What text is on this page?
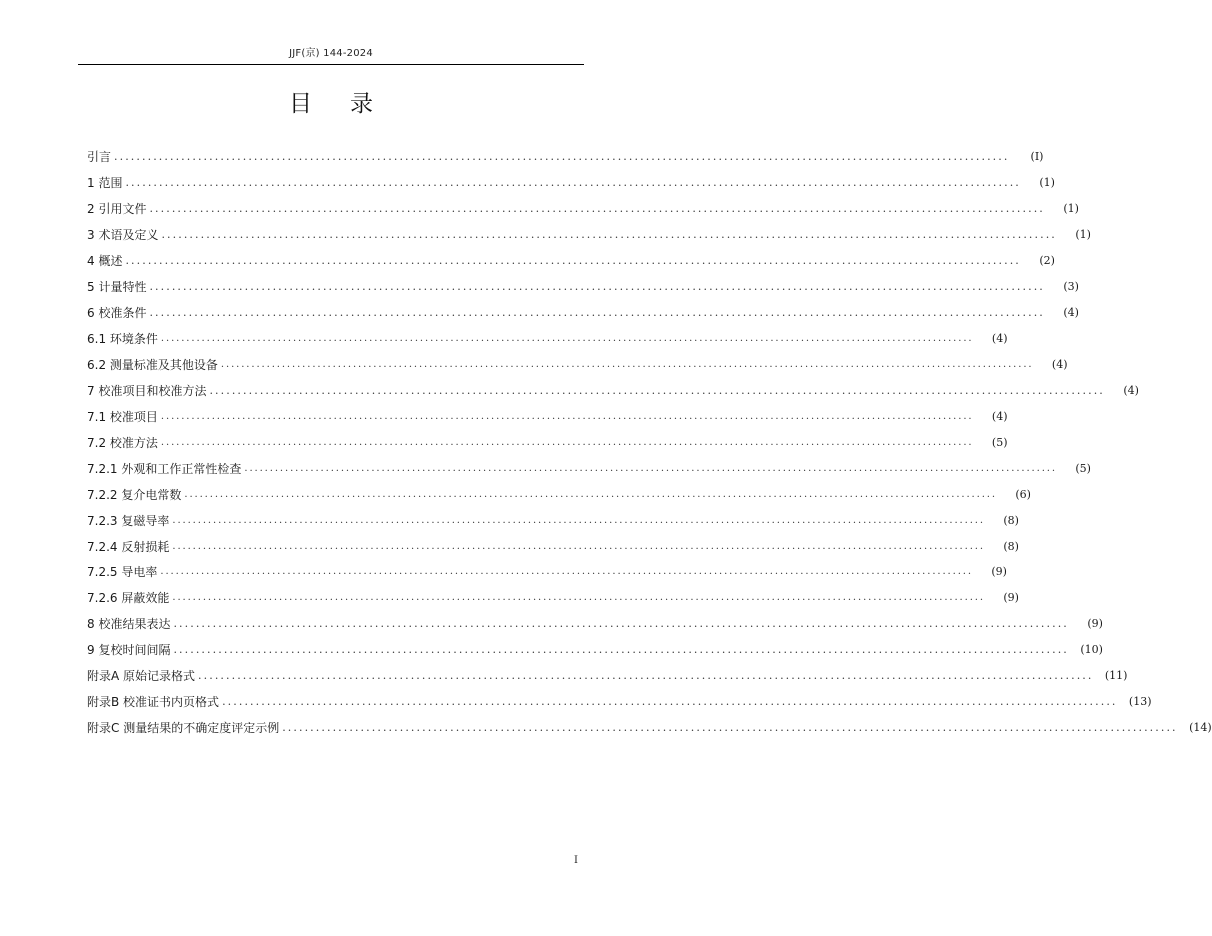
JJF(京) 144-2024
目 录
引言 ................................................................................................................................................................	(Ⅰ)
1 范围 ................................................................................................................................................................	(1)
2 引用文件 ................................................................................................................................................................	(1)
3 术语及定义 ................................................................................................................................................................	(1)
4 概述 ................................................................................................................................................................	(2)
5 计量特性 ................................................................................................................................................................	(3)
6 校准条件 ................................................................................................................................................................	(4)
6.1 环境条件 ................................................................................................................................................................	(4)
6.2 测量标准及其他设备 ................................................................................................................................................................	(4)
7 校准项目和校准方法 ................................................................................................................................................................	(4)
7.1 校准项目 ................................................................................................................................................................	(4)
7.2 校准方法 ................................................................................................................................................................	(5)
7.2.1 外观和工作正常性检查 ................................................................................................................................................................	(5)
7.2.2 复介电常数 ................................................................................................................................................................	(6)
7.2.3 复磁导率 ................................................................................................................................................................	(8)
7.2.4 反射损耗 ................................................................................................................................................................	(8)
7.2.5 导电率 ................................................................................................................................................................	(9)
7.2.6 屏蔽效能 ................................................................................................................................................................	(9)
8 校准结果表达 ................................................................................................................................................................	(9)
9 复校时间间隔 ................................................................................................................................................................	(10)
附录A 原始记录格式 ................................................................................................................................................................	(11)
附录B 校准证书内页格式 ................................................................................................................................................................	(13)
附录C 测量结果的不确定度评定示例 ................................................................................................................................................................	(14)
I
